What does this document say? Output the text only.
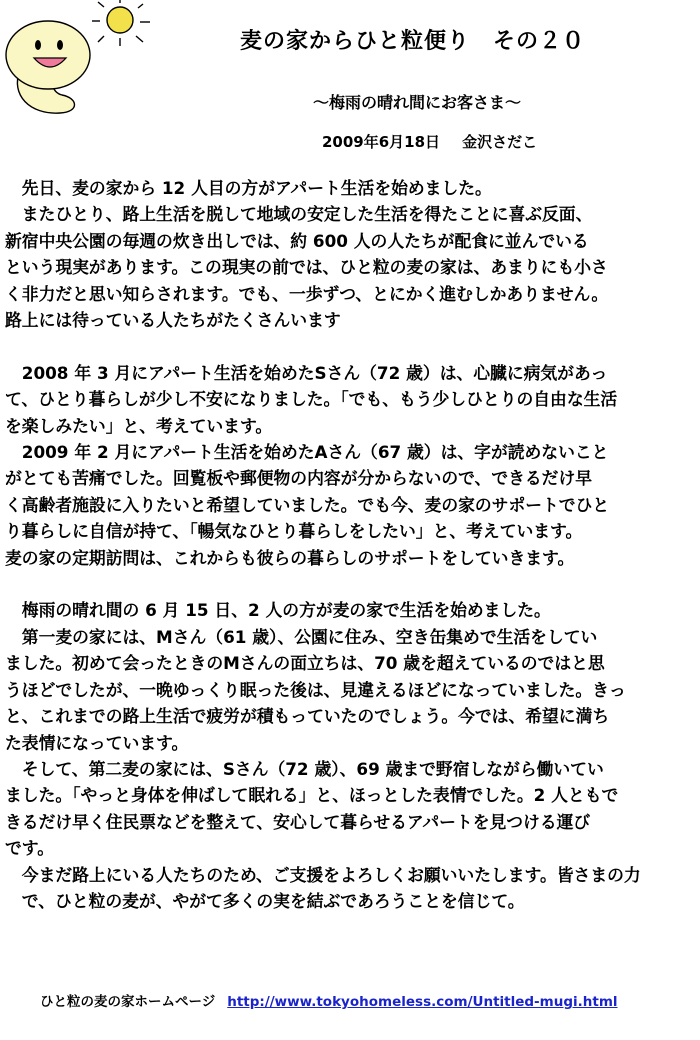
麦の家からひと粒便り　その２０

～梅雨の晴れ間にお客さま～

2009年6月18日 金沢さだこ

　先日、麦の家から 12 人目の方がアパート生活を始めました。

　またひとり、路上生活を脱して地域の安定した生活を得たことに喜ぶ反面、

新宿中央公園の毎週の炊き出しでは、約 600 人の人たちが配食に並んでいる

という現実があります。この現実の前では、ひと粒の麦の家は、あまりにも小さ

く非力だと思い知らされます。でも、一歩ずつ、とにかく進むしかありません。

路上には待っている人たちがたくさんいます

　2008 年 3 月にアパート生活を始めたSさん（72 歳）は、心臓に病気があっ

て、ひとり暮らしが少し不安になりました。「でも、もう少しひとりの自由な生活

を楽しみたい」と、考えています。

　2009 年 2 月にアパート生活を始めたAさん（67 歳）は、字が読めないこと

がとても苦痛でした。回覧板や郵便物の内容が分からないので、できるだけ早

く高齢者施設に入りたいと希望していました。でも今、麦の家のサポートでひと

り暮らしに自信が持て、「暢気なひとり暮らしをしたい」と、考えています。

麦の家の定期訪問は、これからも彼らの暮らしのサポートをしていきます。

　梅雨の晴れ間の 6 月 15 日、2 人の方が麦の家で生活を始めました。

　第一麦の家には、Mさん（61 歳）、公園に住み、空き缶集めで生活をしてい

ました。初めて会ったときのMさんの面立ちは、70 歳を超えているのではと思

うほどでしたが、一晩ゆっくり眠った後は、見違えるほどになっていました。きっ

と、これまでの路上生活で疲労が積もっていたのでしょう。今では、希望に満ち

た表情になっています。

　そして、第二麦の家には、Sさん（72 歳）、69 歳まで野宿しながら働いてい

ました。「やっと身体を伸ばして眠れる」と、ほっとした表情でした。2 人ともで

きるだけ早く住民票などを整えて、安心して暮らせるアパートを見つける運び

です。

　今まだ路上にいる人たちのため、ご支援をよろしくお願いいたします。皆さまの力

　で、ひと粒の麦が、やがて多くの実を結ぶであろうことを信じて。

ひと粒の麦の家ホームページ http://www.tokyohomeless.com/Untitled-mugi.html
